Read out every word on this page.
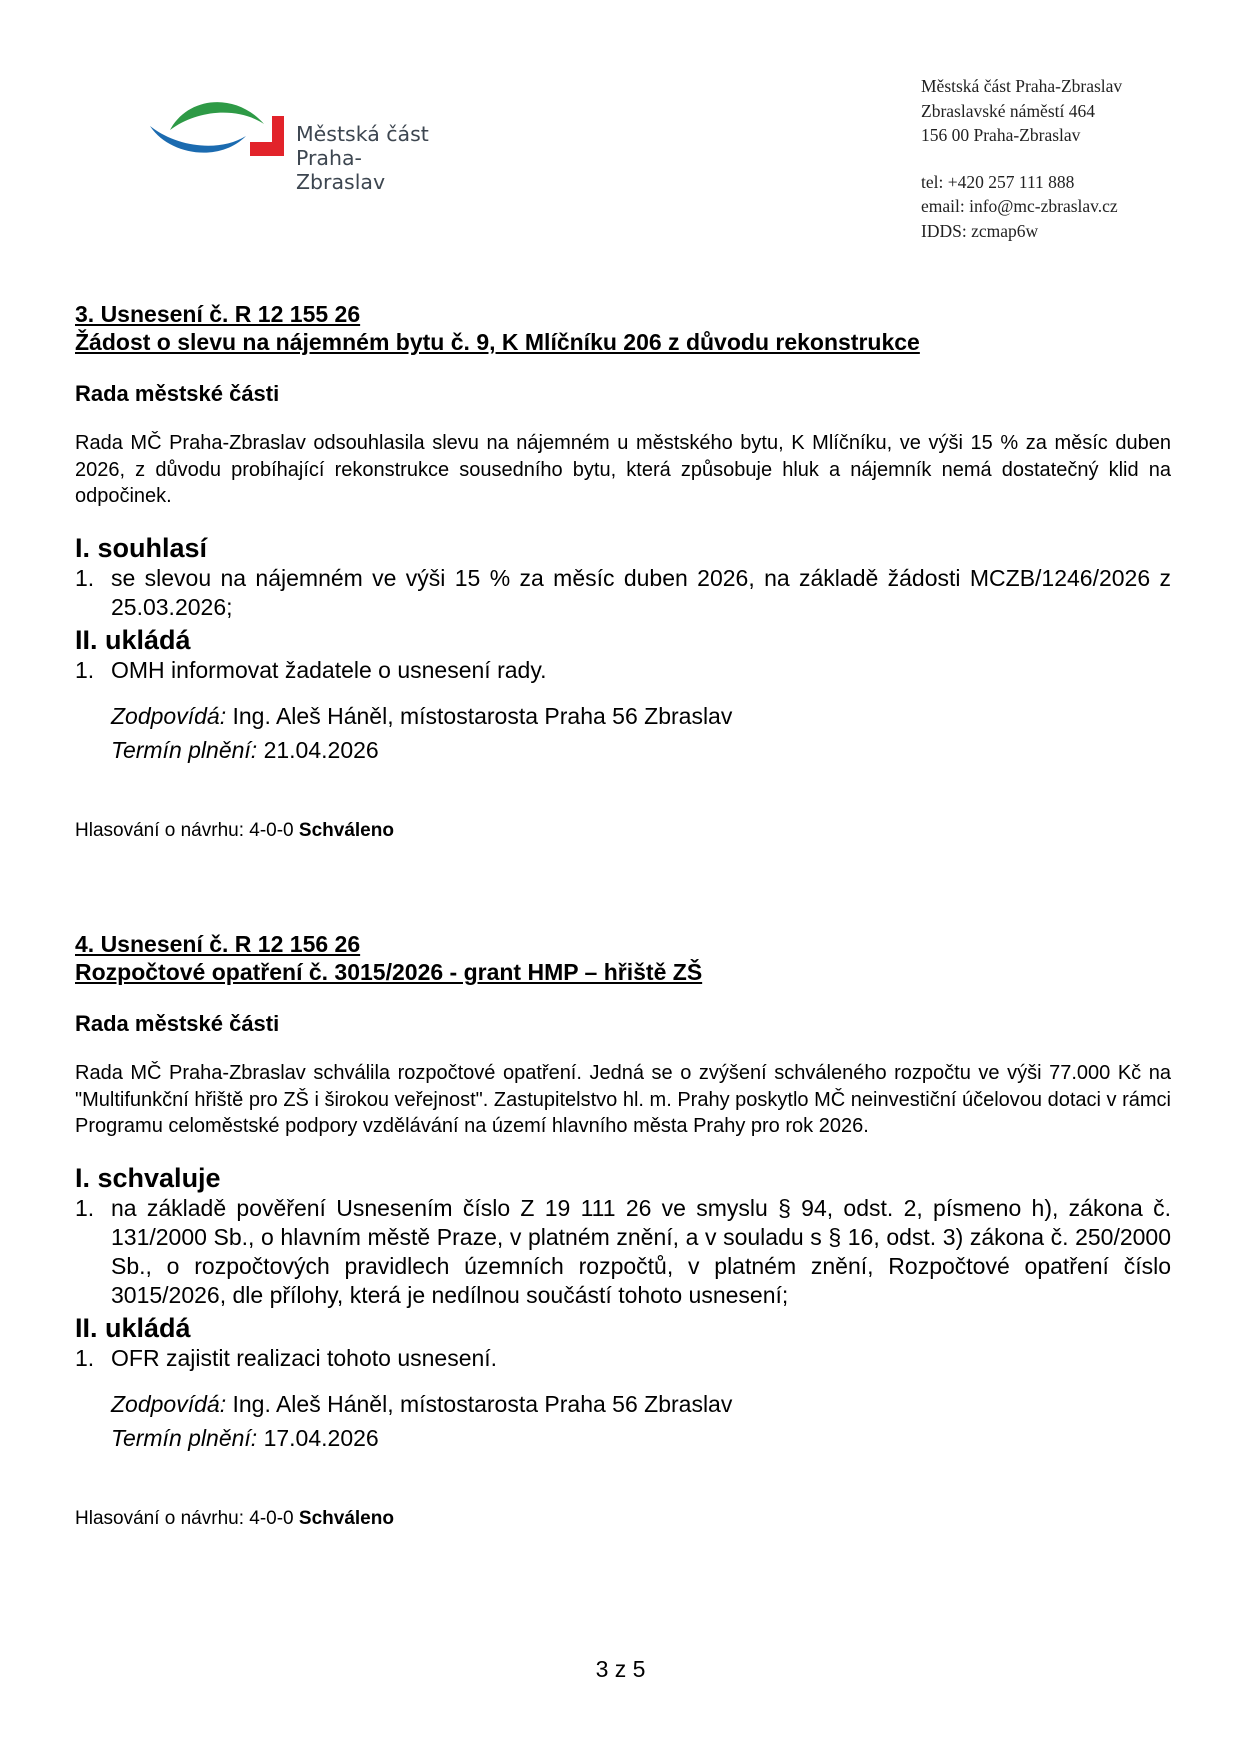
Městská část
Praha-Zbraslav
Městská část Praha-Zbraslav
Zbraslavské náměstí 464
156 00 Praha-Zbraslav
tel: +420 257 111 888
email: info@mc-zbraslav.cz
IDDS: zcmap6w
3. Usnesení č. R 12 155 26
Žádost o slevu na nájemném bytu č. 9, K Mlíčníku 206 z důvodu rekonstrukce
Rada městské části
Rada MČ Praha-Zbraslav odsouhlasila slevu na nájemném u městského bytu, K Mlíčníku, ve výši 15 % za měsíc duben 2026, z důvodu probíhající rekonstrukce sousedního bytu, která způsobuje hluk a nájemník nemá dostatečný klid na odpočinek.
I. souhlasí
1. se slevou na nájemném ve výši 15 % za měsíc duben 2026, na základě žádosti MCZB/1246/2026 z 25.03.2026;
II. ukládá
1. OMH informovat žadatele o usnesení rady.
Zodpovídá: Ing. Aleš Háněl, místostarosta Praha 56 Zbraslav
Termín plnění: 21.04.2026
Hlasování o návrhu: 4-0-0 Schváleno
4. Usnesení č. R 12 156 26
Rozpočtové opatření č. 3015/2026 - grant HMP – hřiště ZŠ
Rada městské části
Rada MČ Praha-Zbraslav schválila rozpočtové opatření. Jedná se o zvýšení schváleného rozpočtu ve výši 77.000 Kč na "Multifunkční hřiště pro ZŠ i širokou veřejnost". Zastupitelstvo hl. m. Prahy poskytlo MČ neinvestiční účelovou dotaci v rámci Programu celoměstské podpory vzdělávání na území hlavního města Prahy pro rok 2026.
I. schvaluje
1. na základě pověření Usnesením číslo Z 19 111 26 ve smyslu § 94, odst. 2, písmeno h), zákona č. 131/2000 Sb., o hlavním městě Praze, v platném znění, a v souladu s § 16, odst. 3) zákona č. 250/2000 Sb., o rozpočtových pravidlech územních rozpočtů, v platném znění, Rozpočtové opatření číslo 3015/2026, dle přílohy, která je nedílnou součástí tohoto usnesení;
II. ukládá
1. OFR zajistit realizaci tohoto usnesení.
Zodpovídá: Ing. Aleš Háněl, místostarosta Praha 56 Zbraslav
Termín plnění: 17.04.2026
Hlasování o návrhu: 4-0-0 Schváleno
3 z 5
